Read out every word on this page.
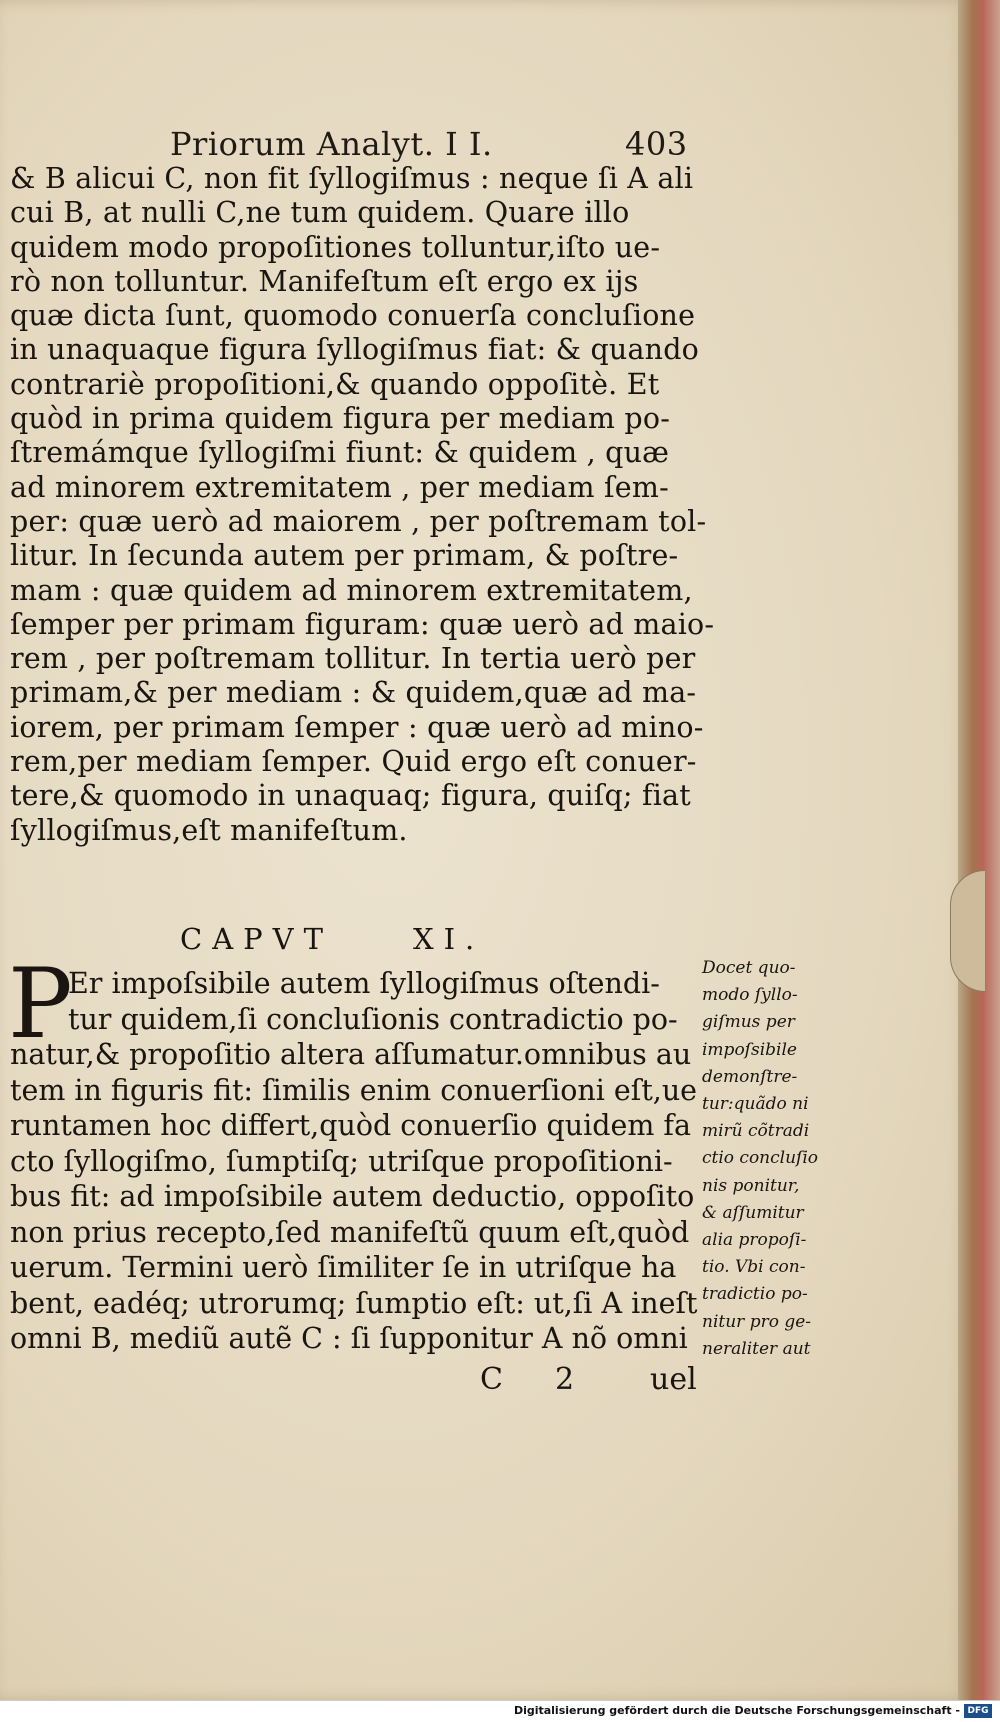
Priorum Analyt. I I.	403
& B alicui C, non fit ſyllogiſmus : neque ſi A ali
cui B, at nulli C,ne tum quidem. Quare illo
quidem modo propoſitiones tolluntur,iſto ue-
rò non tolluntur. Manifeſtum eſt ergo ex ijs
quæ dicta ſunt, quomodo conuerſa concluſione
in unaquaque figura ſyllogiſmus fiat: & quando
contrariè propoſitioni,& quando oppoſitè. Et
quòd in prima quidem figura per mediam po-
ſtremámque ſyllogiſmi fiunt: & quidem , quæ
ad minorem extremitatem , per mediam ſem-
per: quæ uerò ad maiorem , per poſtremam tol-
litur. In ſecunda autem per primam, & poſtre-
mam : quæ quidem ad minorem extremitatem,
ſemper per primam figuram: quæ uerò ad maio-
rem , per poſtremam tollitur. In tertia uerò per
primam,& per mediam : & quidem,quæ ad ma-
iorem, per primam ſemper : quæ uerò ad mino-
rem,per mediam ſemper. Quid ergo eſt conuer-
tere,& quomodo in unaquaq; figura, quiſq; fiat
ſyllogiſmus,eſt manifeſtum.
CAPVT	XI.
P
Er impoſsibile autem ſyllogiſmus oſtendi-
tur quidem,ſi concluſionis contradictio po-
natur,& propoſitio altera aſſumatur.omnibus au
tem in figuris fit: ſimilis enim conuerſioni eſt,ue
runtamen hoc differt,quòd conuerſio quidem fa
cto ſyllogiſmo, ſumptiſq; utriſque propoſitioni-
bus fit: ad impoſsibile autem deductio, oppoſito
non prius recepto,ſed manifeſtũ quum eſt,quòd
uerum. Termini uerò ſimiliter ſe in utriſque ha
bent, eadéq; utrorumq; ſumptio eſt: ut,ſi A ineſt
omni B, mediũ autẽ C : ſi ſupponitur A nõ omni
Docet quo-
modo ſyllo-
giſmus per
impoſsibile
demonſtre-
tur:quãdo ni
mirũ cõtradi
ctio concluſio
nis ponitur,
& aſſumitur
alia propoſi-
tio. Vbi con-
tradictio po-
nitur pro ge-
neraliter aut
C 2	uel
Digitalisierung gefördert durch die Deutsche Forschungsgemeinschaft - DFG
